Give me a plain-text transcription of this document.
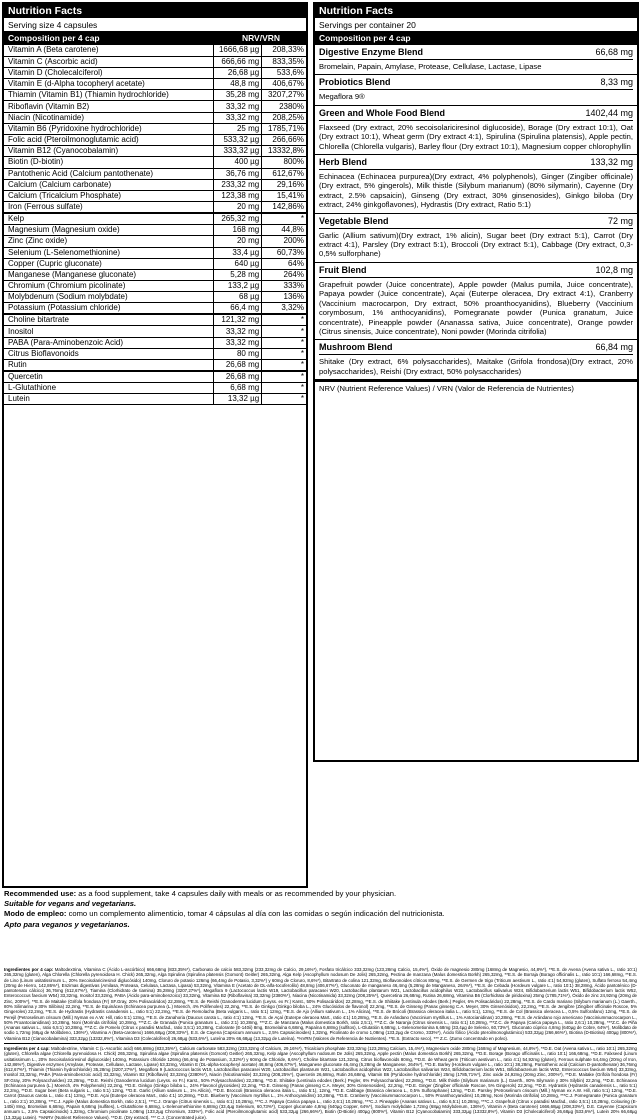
Nutrition Facts
Serving size 4 capsules
Composition per 4 cap	NRV/VRN
Vitamin A (Beta carotene)	1666,68 µg	208,33%
Vitamin C (Ascorbic acid)	666,66 mg	833,35%
Vitamin D (Cholecalciferol)	26,68 µg	533,6%
Vitamin E (d-Alpha tocopheryl acetate)	48,8 mg	406,67%
Thiamin (Vitamin B1) (Thiamin hydrochloride)	35,28 mg	3207,27%
Riboflavin (Vitamin B2)	33,32 mg	2380%
Niacin (Nicotinamide)	33,32 mg	208,25%
Vitamin B6 (Pyridoxine hydrochloride)	25 mg	1785,71%
Folic acid (Pteroilmonoglutamic acid)	533,32 µg	266,66%
Vitamin B12 (Cyanocobalamin)	333,32 µg	13332,8%
Biotin (D-biotin)	400 µg	800%
Pantothenic Acid (Calcium pantothenate)	36,76 mg	612,67%
Calcium (Calcium carbonate)	233,32 mg	29,16%
Calcium (Tricalcium Phosphate)	123,38 mg	15,41%
Iron (Ferrous sulfate)	20 mg	142,86%
Kelp	265,32 mg	*
Magnesium (Magnesium oxide)	168 mg	44,8%
Zinc (Zinc oxide)	20 mg	200%
Selenium (L-Selenomethionine)	33,4 µg	60,73%
Copper (Cupric gluconate)	640 µg	64%
Manganese (Manganese gluconate)	5,28 mg	264%
Chromium (Chromium picolinate)	133,2 µg	333%
Molybdenum (Sodium molybdate)	68 µg	136%
Potassium (Potassium chloride)	66,4 mg	3,32%
Choline bitartrate	121,32 mg	*
Inositol	33,32 mg	*
PABA (Para-Aminobenzoic Acid)	33,32 mg	*
Citrus Bioflavonoids	80 mg	*
Rutin	26,68 mg	*
Quercetin	26,68 mg	*
L-Glutathione	6,68 mg	*
Lutein	13,32 µg	*
Nutrition Facts
Servings per container 20
Composition per 4 cap
Digestive Enzyme Blend	66,68 mg
Bromelain, Papain, Amylase, Protease, Cellulase, Lactase, Lipase
Probiotics Blend	8,33 mg
Megaflora 9®
Green and Whole Food Blend	1402,44 mg
Flaxseed (Dry extract, 20% secoisolariciresinol diglucoside), Borage (Dry extract 10:1), Oat (Dry extract 10:1), Wheat germ (Dry extract 4:1), Spirulina (Spirulina platensis), Apple pectin, Chlorella (Chlorella vulgaris), Barley flour (Dry extract 10:1), Magnesium copper chlorophyllin
Herb Blend	133,32 mg
Echinacea (Echinacea purpurea)(Dry extract, 4% polyphenols), Ginger (Zingiber officinale) (Dry extract, 5% gingerols), Milk thistle (Silybum marianum) (80% silymarin), Cayenne (Dry extract, 2.5% capsaicin), Ginseng (Dry extract, 30% ginsenosides), Ginkgo biloba (Dry extract, 24% ginkgoflavones), Hydrastis (Dry extract, Ratio 5:1)
Vegetable Blend	72 mg
Garlic (Allium sativum)(Dry extract, 1% alicin), Sugar beet (Dry extract 5:1), Carrot (Dry extract 4:1), Parsley (Dry extract 5:1), Broccoli (Dry extract 5:1), Cabbage (Dry extract, 0,3-0,5% sulforphane)
Fruit Blend	102,8 mg
Grapefruit powder (Juice concentrate), Apple powder (Malus pumila, Juice concentrate), Papaya powder (Juice concentrate), Açai (Euterpe oleracea, Dry extract 4:1), Cranberry (Vaccinium macrocarpon, Dry extract, 50% proanthocyanidins), Blueberry (Vaccinium corymbosum, 1% anthocyanidins), Pomegranate powder (Punica granatum, Juice concentrate), Pineapple powder (Ananassa sativa, Juice concentrate), Orange powder (Citrus sinensis, Juice concentrate), Noni powder (Morinda citrifolia)
Mushroom Blend	66,84 mg
Shitake (Dry extract, 6% polysaccharides), Maitake (Grifola frondosa)(Dry extract, 20% polysaccharides), Reishi (Dry extract, 50% polysaccharides)
NRV (Nutrient Reference Values) / VRN (Valor de Referencia de Nutrientes)

Recommended use: as a food supplement, take 4 capsules daily with meals or as recommended by your physician.

Suitable for vegans and vegetarians.

Modo de empleo: como un complemento alimenticio, tomar 4 cápsulas al día con las comidas o según indicación del nutricionista.

Apto para veganos y vegetarianos.

Ingredientes por 4 cap: Maltodextrina, Vitamina C (Ácido L-ascórbico) 666,68mg (833,35%*), Carbonato de calcio 583,32mg (233,32mg de Calcio, 29,16%*), Fosfato tricálcico 333,32mg (123,28mg Calcio, 15,4%*), Óxido de magnesio 280mg (168mg de Magnesio, 44,8%*), **E.S. de Avena (Avena sativa L., ratio 10:1) 265,32mg (gluten), Alga Chlorella (Chlorella pyrenoidosa H. Chick) 265,32mg, Alga Spirulina (Spirulina platensis (Gomont) Geitler) 265,32mg, Alga Kelp (Ascophyllum nodosum De Jolis) 265,32mg, Pectina de manzana (Malus domestica Borkh) 265,32mg, **E.S. de Borraja (Borago officinalis L., ratio 10:1) 166,68mg, **E.S. de Lino (Linum usitatissimum L., 20% Secoisolariciresinol diglucósido) 140mg, Cloruro de potasio 126mg (66,4mg de Potasio, 3,32%*) y 60mg de Cloruro, 8,6%*), Bitartrato de colina 121,32mg, Bioflavonoides cítricos 80mg, **E.S. de Germen de trigo (Triticum aestivum L., ratio 4:1) 54,92mg (gluten), Sulfato ferroso 54,4mg (20mg de Hierro, 142,86%*), Enzimas digestivas (Amilasa, Proteasa, Celulasa, Lactasa, Lipasa) 53,32mg, Vitamina E (Acetato de DL-alfa-tocoferolilo) 48,8mg (406,67%*), Gluconato de manganeso 46,4mg (5,28mg de Manganeso, 264%*), **E.S. de Cebada (Hordeum vulgare L., ratio 10:1) 38,28mg, Ácido pantoténico (D-pantotenato cálcico) 36,76mg (612,67%*), Tiamina (Clorhidrato de tiamina) 35,28mg (3207,27%*), Megaflora 9 (Lactococcus lactis W19, Lactobacillus paracasei W20, Lactobacillus plantarum W21, Lactobacillus acidophilus W22, Lactobacillus salivarius W24, Bifidobacterium lactis W51, Bifidobacterium lactis W52, Enterococcus faecium W54) 33,32mg, Inositol 33,32mg, PABA (Ácido para-aminobenzoico) 33,32mg, Vitamina B2 (Riboflavina) 33,32mg (2380%*), Niacina (Nicotinamida) 33,32mg (208,25%*), Quercetina 26,68mg, Rutina 26,68mg, Vitamina B6 (Clorhidrato de piridoxina) 25mg (1785,71%*), Óxido de zinc 24,92mg (20mg de Zinc, 200%*), **E.S. de Maitake (Grifola frondosa (Fr) SF.Gray, 20% Polisacáridos) 22,28mg, **E.S. de Reishi (Ganoderma lucidum (Leyss. ex Fr.) Karst., 50% Polisacáridos) 22,28mg, **E.S. de Shiitake (Lentinula edodes (Berk.) Pegler, 6% Polisacáridos) 22,28mg, **E.S. de Cardo mariano (Silybum marianum (L.) Gaerth., 80% Silimarina y 30% Silibina) 22,2mg, **E.S. de Equinácea (Echinacea purpurea (L.) Moench, 4% Polifenoles) 22,2mg, **E.S. de Ginkgo (Ginkgo biloba L., 24% Glucósidos de flavonol) 22,2mg, **E.S. de Ginseng (Panax ginseng C.A. Meyer, 30% Ginsenósidos), 22,2mg, **E.S. de Jengibre (Zingiber officinale Roscoe, 5% Gingeroles) 22,2mg, **E.S. de Hydrastis (Hydrastis canadensis L., ratio 5:1) 22,2mg, **E.S. de Remolacha (Beta vulgaris L., ratio 5:1) 12mg, **E.S. de Ajo (Allium sativum L., 1% Alicina), **E.S. de Brócoli (Brassica oleracea italia L., ratio 5:1), 12mg, **E.S. de Col (Brassica oleracea L., 0,5% Sulforafano) 12mg, **E.S. de Perejil (Petroselinum crisoum (Mill.) Nyman ex A.W. Hill, ratio 5:1) 12mg, **E.S. de Zanahoria (Daucus carota L., ratio 4:1) 12mg, **E.S. de Açaí (Euterpe oleracea Mart., ratio 4:1) 10,28mg, **E.S. de Arándano (Vaccinium myrtillus L., 1% Antocianidinas) 10,28mg, **E.S. de Arándano rojo americano (Vacciniummacrocarpon L., 50% Proantocianidinas) 10,28mg, Noni (Morinda citrifolia) 10,28mg, ***Z.C. de Granada (Punica granatum L., ratio 2:1) 10,28mg, ***Z.C. de Manzana (Malus domestica Borkh, ratio 2,5:1), ***Z.C. de Naranja (Citrus sinensis L., ratio 6:1) 10,28mg, ***Z.C. de Papaya (Carica papaya L., ratio 2,6:1) 10,28mg, ***Z.C. de Piña (Ananas sativus L., ratio 6,5:1) 10,28mg, ***Z.C. de Pomelo (Citrus x paradisi Macfad., ratio 3,5:1) 10,28mg, Colorante (E-140ii) 8mg, Bromelaína 6,68mg, Papaína 6,68mg (sulfitos), L-Glutatión 6,68mg, L-Selenometionina 6,68mg (33,4µg de Selenio, 60,73%*), Gluconato cúprico 4,8mg (640µg de Cobre, 64%*), Molibdato de sodio 1,72mg (68µg de Molibdeno, 136%*), Vitamina A (Beta-caroteno) 1666,68µg (208,33%*), E.S. de Cayena (Capsicum annuum L., 2,5% Capsaicinoides) 1,32mg, Picolinato de cromo 1,08mg (133,2µg de Cromo, 333%*), Ácido fólico (Ácido pteroilmonoglutámico) 533,32µg (266,66%*), Biotina (D-Biotina) 400µg (800%*), Vitamina B12 (Cianocobalamina) 333,32µg (13332,8%*), Vitamina D3 (Colecalciferol) 26,68µg (533,6%*), Luteína 20% 66,68µg (13,32µg de Luteína). *%VRN (Valores de Referencia de Nutrientes). **E.S. (Extracto seco). *** Z.C. (Zumo concentrado en polvo).
Ingredients per 4 cap: Maltodextrine, Vitamin C (L-Ascorbic acid) 666,68mg (833,35%*), Calcium carbonate 583,32mg (233,32mg of Calcium, 29,16%*), Tricalcium phosphate 333,32mg (123,28mg Calcium, 15,4%*), Magnesium oxide 280mg (168mg of Magnesium, 44,8%*), **D.E. Oat (Avena sativa L., ratio 10:1) 265,32mg (gluten), Chlorella algae (Chlorella pyrenoidosa H. Chick) 265,32mg, Spirulina algae (Spirulina platensis (Gomont) Geitler) 265,32mg, Kelp algae (Ascophyllum nodosum De Jolis) 265,32mg, Apple pectin (Malus domestica Borkh) 265,32mg, **D.E. Borage (Borago officinalis L., ratio 10:1) 166,68mg, **D.E. Falxseed (Linum usitatissimum L., 20% Secoisolariciresinol diglucoside) 140mg, Potassium chloride 126mg (66,4mg de Potassium, 3,32%*) y 60mg de Chloride, 8,6%*), Choline bitartrate 121,32mg, Citrus bioflavonoids 80mg, **D.E. de Wheat germ (Triticum aestivum L., ratio 4:1) 54,92mg (gluten), Ferrous sulphate 54,4mg (20mg of Iron, 142,86%*), Digestive enzymes (Amylase, Protease, Cellulase, Lactase, Lipase) 53,32mg, Vitamin E (DL-alpha-tocopheryl acetate) 48,8mg (406,67%*), Manganese gluconate 46,4mg (5,28mg de Manganese, 264%*), **D.E. Barley (Hordeum vulgare L., ratio 10:1) 38,28mg, Pantothenic acid (Calcium D-pantothenate) 36,76mg (612,67%*), Thiamin (Thiamin hydrochloride) 35,28mg (3207,27%*), Megaflora 9 (Lactococcus lactis W19, Lactobacillus paracasei W20, Lactobacillus plantarum W21, Lactobacillus acidophilus W22, Lactobacillus salivarius W24, Bifidobacterium lactis W51, Bifidobacterium lactis W52, Enterococcus faecium W54) 33,32mg, Inositol 33,32mg, PABA (Para-aminobenzoic acid) 33,32mg, Vitamin B2 (Riboflavin) 33,32mg (2380%*), Niacin (Nicotinamide) 33,32mg (208,25%*), Quercetin 26,68mg, Rutin 26,68mg, Vitamin B6 (Pyridoxine hydrochloride) 25mg (1785,71%*), Zinc oxide 24,92mg (20mg Zinc, 200%*), **D.E. Maitake (Grifola frondosa (Fr) SF.Gray, 20% Polysaccharides) 22,28mg, **D.E. Reishi (Ganoderma lucidum (Leyss. ex Fr.) Karst., 50% Polysaccharides) 22,28mg, **D.E. Shiitake (Lentinula edodes (Berk.) Pegler, 6% Polysaccharides) 22,28mg, **D.E. Milk thistle (Silybum marianum (L.) Gaerth., 80% Silymarin y 30% Silybin) 22,2mg, **D.E. Echinacea (Echinacea purpurea (L.) Moench, 4% Polyphenols) 22,2mg, **D.E. Ginkgo (Ginkgo biloba L., 24% Flavonol glycosides) 22,2mg, **D.E. Ginseng (Panax ginseng C.A. Meyer, 30% Ginsenosides), 22,2mg, **D.E. Ginger (Zingiber officinale Roscoe, 5% Gingerols) 22,2mg, **D.E. Hydrastis (Hydrastis canadensis L., ratio 5:1) 22,2mg, **D.E. Sugar beet (Beta vulgaris L., ratio 5:1) 12mg, **D.E. Garlic (Allium sativum L., 1% Allicin), **D.E. Broccoli (Brassica oleracea italia L., ratio 5:1), 12mg, **D.E. Cabbage (Brassica oleracea L., 0,5% Sulforaphane) 12mg, **D.E. Parsley (Petroselinum crisoum (Mill.) Nyman ex A.W. Hill, ratio 5:1) 12mg, **D.E. Carrot (Daucus carota L., ratio 4:1) 12mg, **D.E. Açai (Euterpe oleracea Mart., ratio 4:1) 10,28mg, **D.E. Blueberry (Vaccinium myrtillus L., 1% Anthocyanidins) 10,28mg, **D.E. Cranberry (Vacciniummacrocarpon L., 50% Proanthocyanidins) 10,28mg, Noni (Morinda citrifolia) 10,28mg, ***C.J. Pomegranate (Punica granatum L., ratio 2:1) 10,28mg, ***C.J. Apple (Malus domestica Borkh, ratio 2,5:1), ***C.J. Orange (Citrus sinensis L., ratio 6:1) 10,28mg, ***C.J. Papaya (Carica papaya L., ratio 2,6:1) 10,28mg, ***C.J. Pineapple (Ananas sativus L., ratio 6,5:1) 10,28mg, ***C.J. Grapefruit (Citrus x paradisi Macfad., ratio 3,5:1) 10,28mg, Colouring (E-140ii) 8mg, Bromelain 6,68mg, Papain 6,68mg (sulfites), L-Glutathione 6,68mg, L-Selenomethionine 6,68mg (33,4µg Selenium, 60,73%*), Copper gluconate 4,8mg (640µg Copper, 64%*), Sodium molybdate 1,72mg (68µg Molybdenum, 136%*), Vitamin A (Beta carotene) 1666,68µg (208,33%*), D.E. Cayenne (Capsicum annuum L., 2,5% Capsaicinoids) 1,32mg, Chromium picolinate 1,08mg (133,2µg Chromium, 333%*), Folic acid (Pteroilmonoglutamic acid) 533,32µg (266,66%*), Biotin (D-Biotin) 400µg (800%*), Vitamin B12 (Cyanocobalamin) 333,32µg (13332,8%*), Vitamin D3 (Cholecalciferol) 26,68µg (533,6%*), Lutein 20% 66,68µg (13,32µg Lutein). *%NRV (Nutrient Reference Values). **D.E. (Dry extract). *** C.J. (Concentrated juice).
